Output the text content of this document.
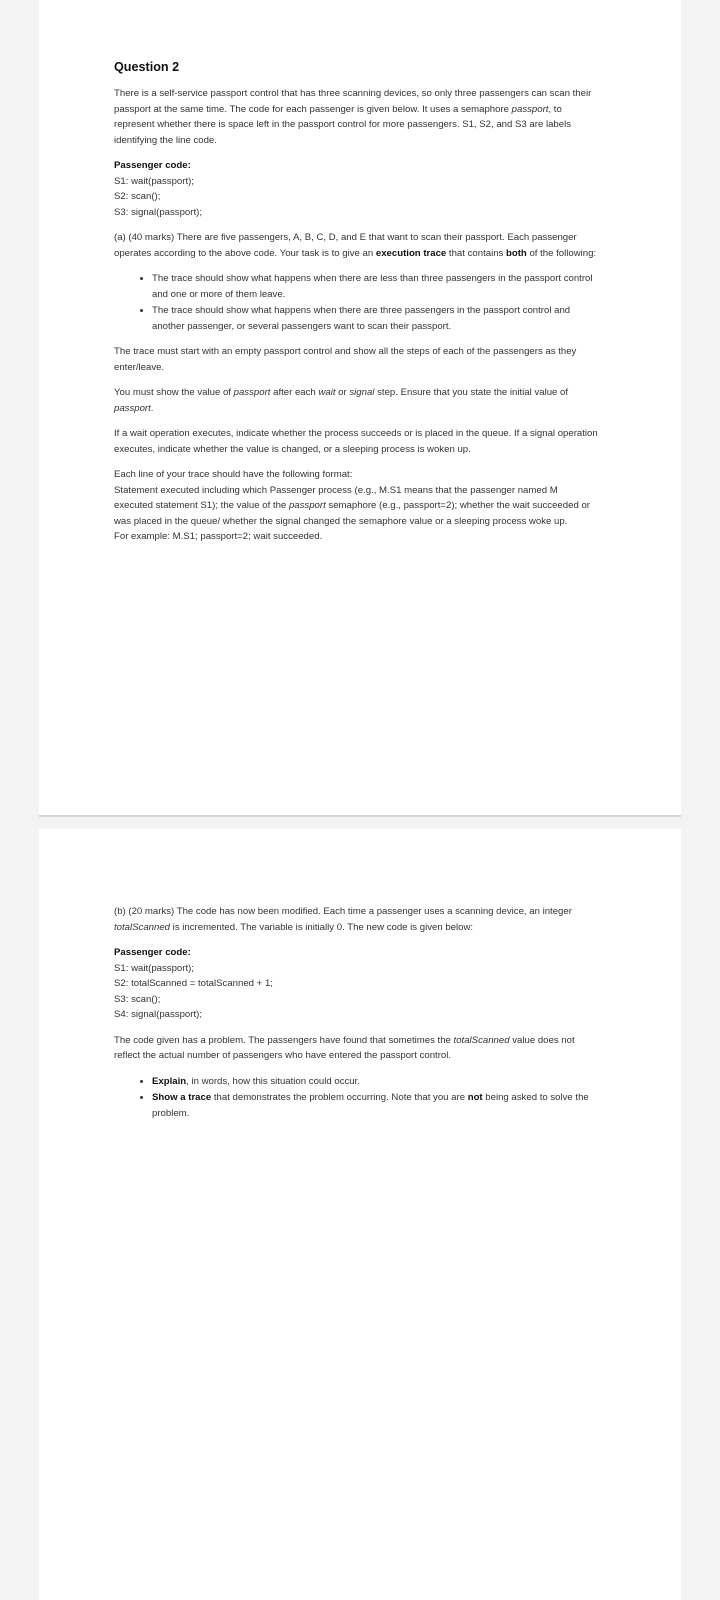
Question 2

There is a self-service passport control that has three scanning devices, so only three passengers can scan their passport at the same time. The code for each passenger is given below. It uses a semaphore passport, to represent whether there is space left in the passport control for more passengers. S1, S2, and S3 are labels identifying the line code.

Passenger code:
S1: wait(passport);
S2: scan();
S3: signal(passport);

(a) (40 marks) There are five passengers, A, B, C, D, and E that want to scan their passport. Each passenger operates according to the above code. Your task is to give an execution trace that contains both of the following:

• The trace should show what happens when there are less than three passengers in the passport control and one or more of them leave.
• The trace should show what happens when there are three passengers in the passport control and another passenger, or several passengers want to scan their passport.

The trace must start with an empty passport control and show all the steps of each of the passengers as they enter/leave.

You must show the value of passport after each wait or signal step. Ensure that you state the initial value of passport.

If a wait operation executes, indicate whether the process succeeds or is placed in the queue. If a signal operation executes, indicate whether the value is changed, or a sleeping process is woken up.

Each line of your trace should have the following format:
Statement executed including which Passenger process (e.g., M.S1 means that the passenger named M executed statement S1); the value of the passport semaphore (e.g., passport=2); whether the wait succeeded or was placed in the queue/ whether the signal changed the semaphore value or a sleeping process woke up.
For example: M.S1; passport=2; wait succeeded.

(b) (20 marks) The code has now been modified. Each time a passenger uses a scanning device, an integer totalScanned is incremented. The variable is initially 0. The new code is given below:

Passenger code:
S1: wait(passport);
S2: totalScanned = totalScanned + 1;
S3: scan();
S4: signal(passport);

The code given has a problem. The passengers have found that sometimes the totalScanned value does not reflect the actual number of passengers who have entered the passport control.

• Explain, in words, how this situation could occur.
• Show a trace that demonstrates the problem occurring. Note that you are not being asked to solve the problem.
